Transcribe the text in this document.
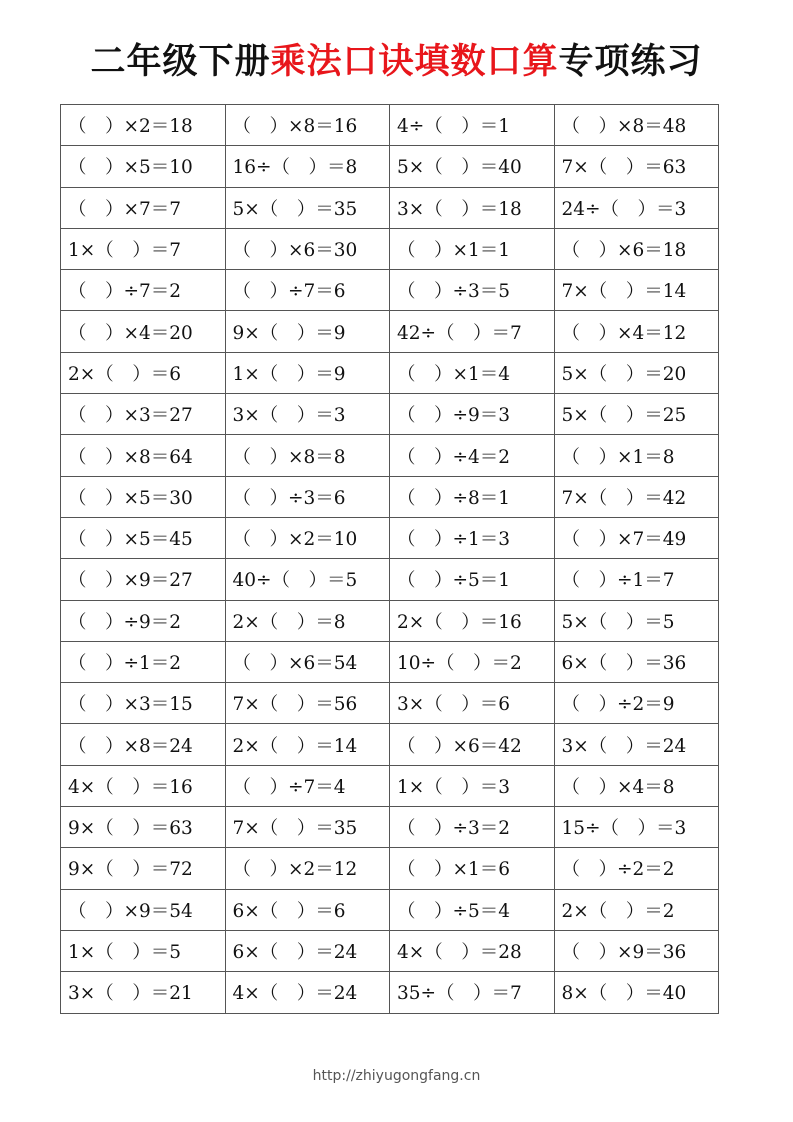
二年级下册乘法口诀填数口算专项练习
（　）×2＝18	（　）×8＝16	4÷（　）＝1	（　）×8＝48
（　）×5＝10	16÷（　）＝8	5×（　）＝40	7×（　）＝63
（　）×7＝7	5×（　）＝35	3×（　）＝18	24÷（　）＝3
1×（　）＝7	（　）×6＝30	（　）×1＝1	（　）×6＝18
（　）÷7＝2	（　）÷7＝6	（　）÷3＝5	7×（　）＝14
（　）×4＝20	9×（　）＝9	42÷（　）＝7	（　）×4＝12
2×（　）＝6	1×（　）＝9	（　）×1＝4	5×（　）＝20
（　）×3＝27	3×（　）＝3	（　）÷9＝3	5×（　）＝25
（　）×8＝64	（　）×8＝8	（　）÷4＝2	（　）×1＝8
（　）×5＝30	（　）÷3＝6	（　）÷8＝1	7×（　）＝42
（　）×5＝45	（　）×2＝10	（　）÷1＝3	（　）×7＝49
（　）×9＝27	40÷（　）＝5	（　）÷5＝1	（　）÷1＝7
（　）÷9＝2	2×（　）＝8	2×（　）＝16	5×（　）＝5
（　）÷1＝2	（　）×6＝54	10÷（　）＝2	6×（　）＝36
（　）×3＝15	7×（　）＝56	3×（　）＝6	（　）÷2＝9
（　）×8＝24	2×（　）＝14	（　）×6＝42	3×（　）＝24
4×（　）＝16	（　）÷7＝4	1×（　）＝3	（　）×4＝8
9×（　）＝63	7×（　）＝35	（　）÷3＝2	15÷（　）＝3
9×（　）＝72	（　）×2＝12	（　）×1＝6	（　）÷2＝2
（　）×9＝54	6×（　）＝6	（　）÷5＝4	2×（　）＝2
1×（　）＝5	6×（　）＝24	4×（　）＝28	（　）×9＝36
3×（　）＝21	4×（　）＝24	35÷（　）＝7	8×（　）＝40
http://zhiyugongfang.cn
